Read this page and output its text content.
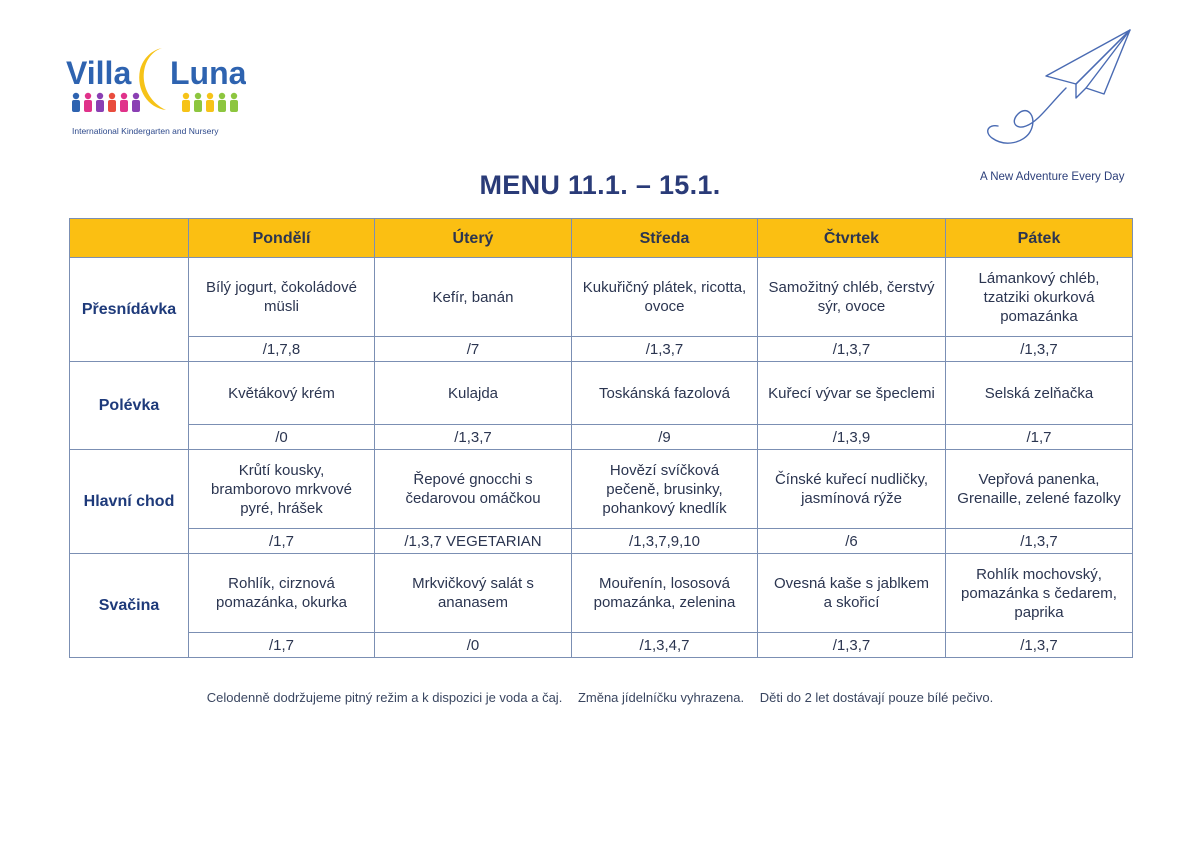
Villa Luna
International Kindergarten and Nursery
A New Adventure Every Day
MENU 11.1. – 15.1.
	Pondělí	Úterý	Středa	Čtvrtek	Pátek
Přesnídávka	Bílý jogurt, čokoládové müsli	Kefír, banán	Kukuřičný plátek, ricotta, ovoce	Samožitný chléb, čerstvý sýr, ovoce	Lámankový chléb, tzatziki okurková pomazánka
	/1,7,8	/7	/1,3,7	/1,3,7	/1,3,7
Polévka	Květákový krém	Kulajda	Toskánská fazolová	Kuřecí vývar se špeclemi	Selská zelňačka
	/0	/1,3,7	/9	/1,3,9	/1,7
Hlavní chod	Krůtí kousky, bramborovo mrkvové pyré, hrášek	Řepové gnocchi s čedarovou omáčkou	Hovězí svíčková pečeně, brusinky, pohankový knedlík	Čínské kuřecí nudličky, jasmínová rýže	Vepřová panenka, Grenaille, zelené fazolky
	/1,7	/1,3,7 VEGETARIAN	/1,3,7,9,10	/6	/1,3,7
Svačina	Rohlík, cirznová pomazánka, okurka	Mrkvičkový salát s ananasem	Mouřenín, lososová pomazánka, zelenina	Ovesná kaše s jablkem a skořicí	Rohlík mochovský, pomazánka s čedarem, paprika
	/1,7	/0	/1,3,4,7	/1,3,7	/1,3,7
Celodenně dodržujeme pitný režim a k dispozici je voda a čaj. Změna jídelníčku vyhrazena. Děti do 2 let dostávají pouze bílé pečivo.
